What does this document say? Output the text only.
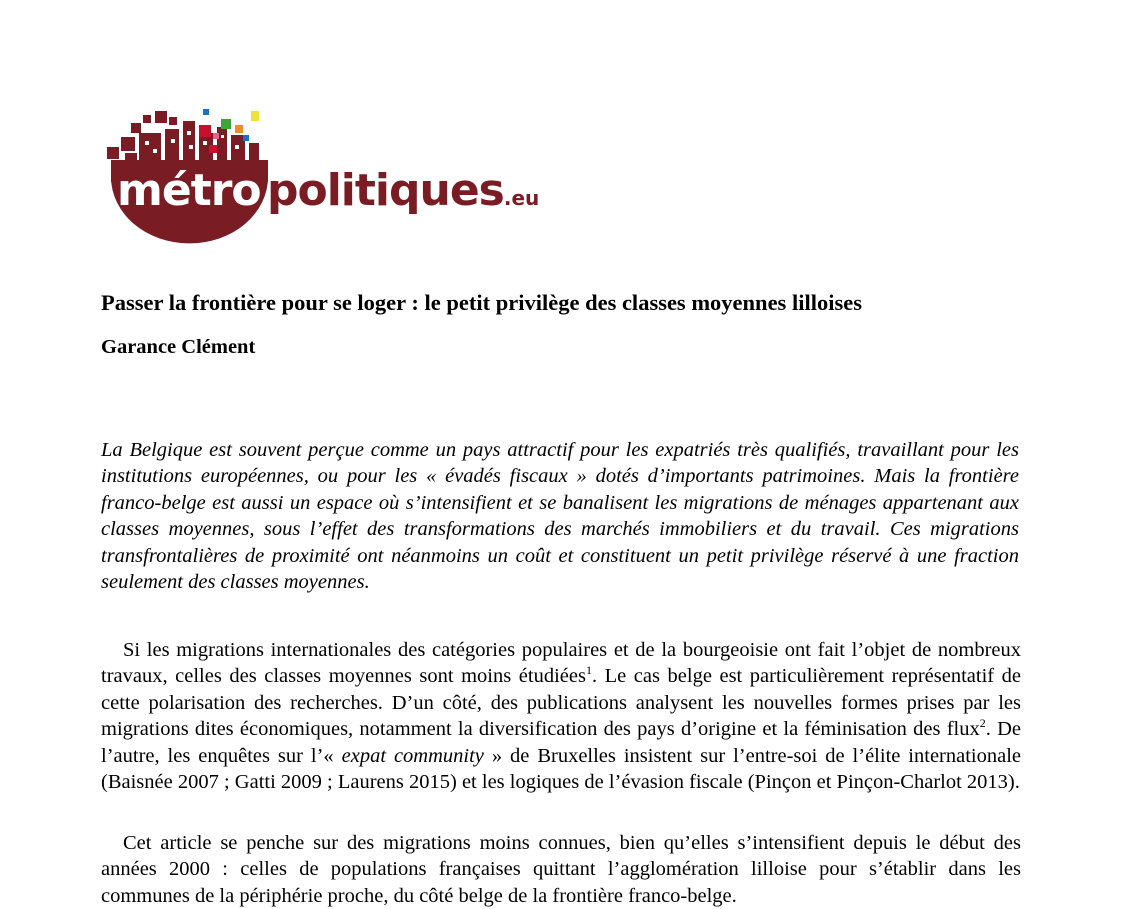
métro politiques.eu
Passer la frontière pour se loger : le petit privilège des classes moyennes lilloises
Garance Clément

La Belgique est souvent perçue comme un pays attractif pour les expatriés très qualifiés, travaillant pour les institutions européennes, ou pour les « évadés fiscaux » dotés d’importants patrimoines. Mais la frontière franco-belge est aussi un espace où s’intensifient et se banalisent les migrations de ménages appartenant aux classes moyennes, sous l’effet des transformations des marchés immobiliers et du travail. Ces migrations transfrontalières de proximité ont néanmoins un coût et constituent un petit privilège réservé à une fraction seulement des classes moyennes.

Si les migrations internationales des catégories populaires et de la bourgeoisie ont fait l’objet de nombreux travaux, celles des classes moyennes sont moins étudiées$^1$. Le cas belge est particulièrement représentatif de cette polarisation des recherches. D’un côté, des publications analysent les nouvelles formes prises par les migrations dites économiques, notamment la diversification des pays d’origine et la féminisation des flux$^2$. De l’autre, les enquêtes sur l’« expat community » de Bruxelles insistent sur l’entre-soi de l’élite internationale (Baisnée 2007 ; Gatti 2009 ; Laurens 2015) et les logiques de l’évasion fiscale (Pinçon et Pinçon-Charlot 2013).

Cet article se penche sur des migrations moins connues, bien qu’elles s’intensifient depuis le début des années 2000 : celles de populations françaises quittant l’agglomération lilloise pour s’établir dans les communes de la périphérie proche, du côté belge de la frontière franco-belge.
